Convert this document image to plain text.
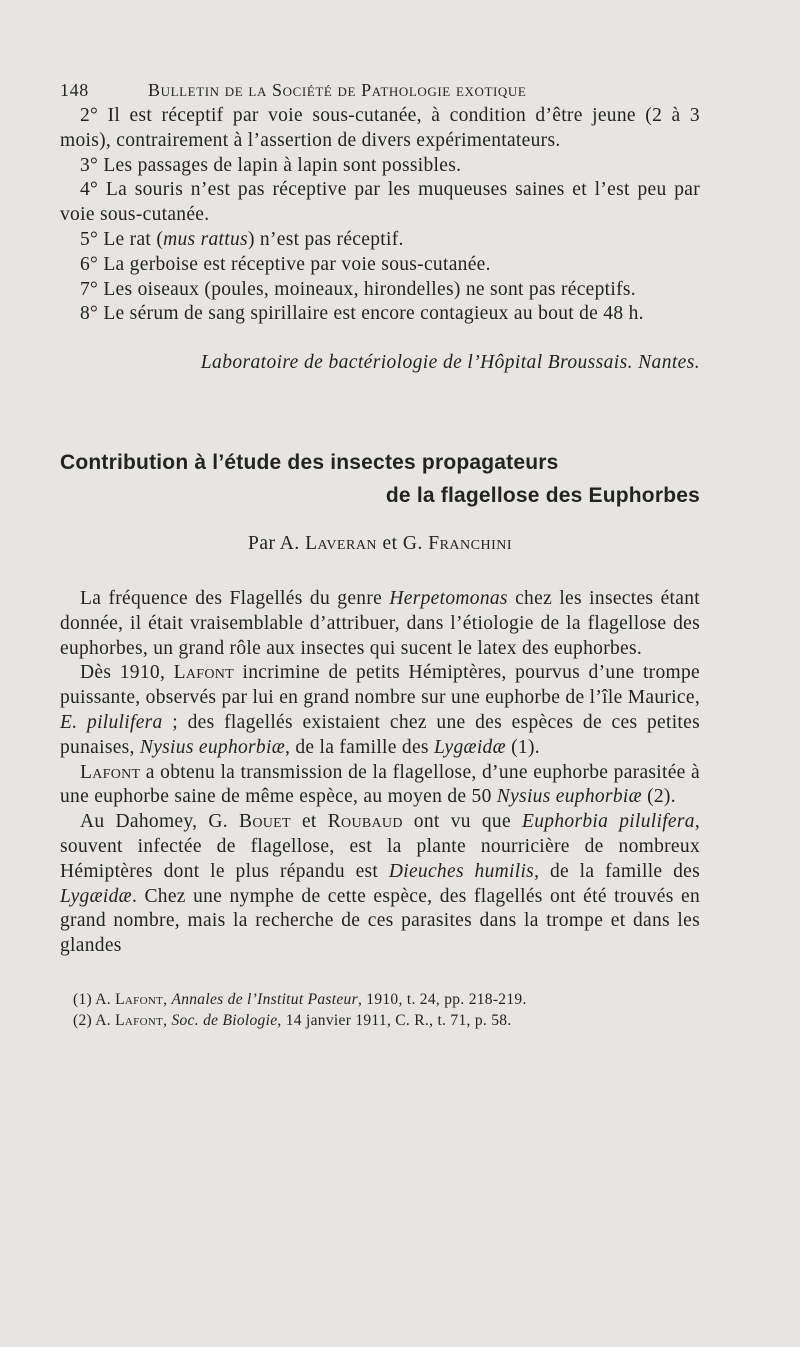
148	Bulletin de la Société de Pathologie exotique

2° Il est réceptif par voie sous-cutanée, à condition d’être jeune (2 à 3 mois), contrairement à l’assertion de divers expérimentateurs.

3° Les passages de lapin à lapin sont possibles.

4° La souris n’est pas réceptive par les muqueuses saines et l’est peu par voie sous-cutanée.

5° Le rat (mus rattus) n’est pas réceptif.

6° La gerboise est réceptive par voie sous-cutanée.

7° Les oiseaux (poules, moineaux, hirondelles) ne sont pas réceptifs.

8° Le sérum de sang spirillaire est encore contagieux au bout de 48 h.

Laboratoire de bactériologie de l’Hôpital Broussais. Nantes.

Contribution à l’étude des insectes propagateurs
de la flagellose des Euphorbes
Par A. Laveran et G. Franchini

La fréquence des Flagellés du genre Herpetomonas chez les insectes étant donnée, il était vraisemblable d’attribuer, dans l’étiologie de la flagellose des euphorbes, un grand rôle aux insectes qui sucent le latex des euphorbes.

Dès 1910, Lafont incrimine de petits Hémiptères, pourvus d’une trompe puissante, observés par lui en grand nombre sur une euphorbe de l’île Maurice, E. pilulifera ; des flagellés existaient chez une des espèces de ces petites punaises, Nysius euphorbiæ, de la famille des Lygæidæ (1).

Lafont a obtenu la transmission de la flagellose, d’une euphorbe parasitée à une euphorbe saine de même espèce, au moyen de 50 Nysius euphorbiæ (2).

Au Dahomey, G. Bouet et Roubaud ont vu que Euphorbia pilulifera, souvent infectée de flagellose, est la plante nourricière de nombreux Hémiptères dont le plus répandu est Dieuches humilis, de la famille des Lygæidæ. Chez une nymphe de cette espèce, des flagellés ont été trouvés en grand nombre, mais la recherche de ces parasites dans la trompe et dans les glandes

(1) A. Lafont, Annales de l’Institut Pasteur, 1910, t. 24, pp. 218-219.
(2) A. Lafont, Soc. de Biologie, 14 janvier 1911, C. R., t. 71, p. 58.
